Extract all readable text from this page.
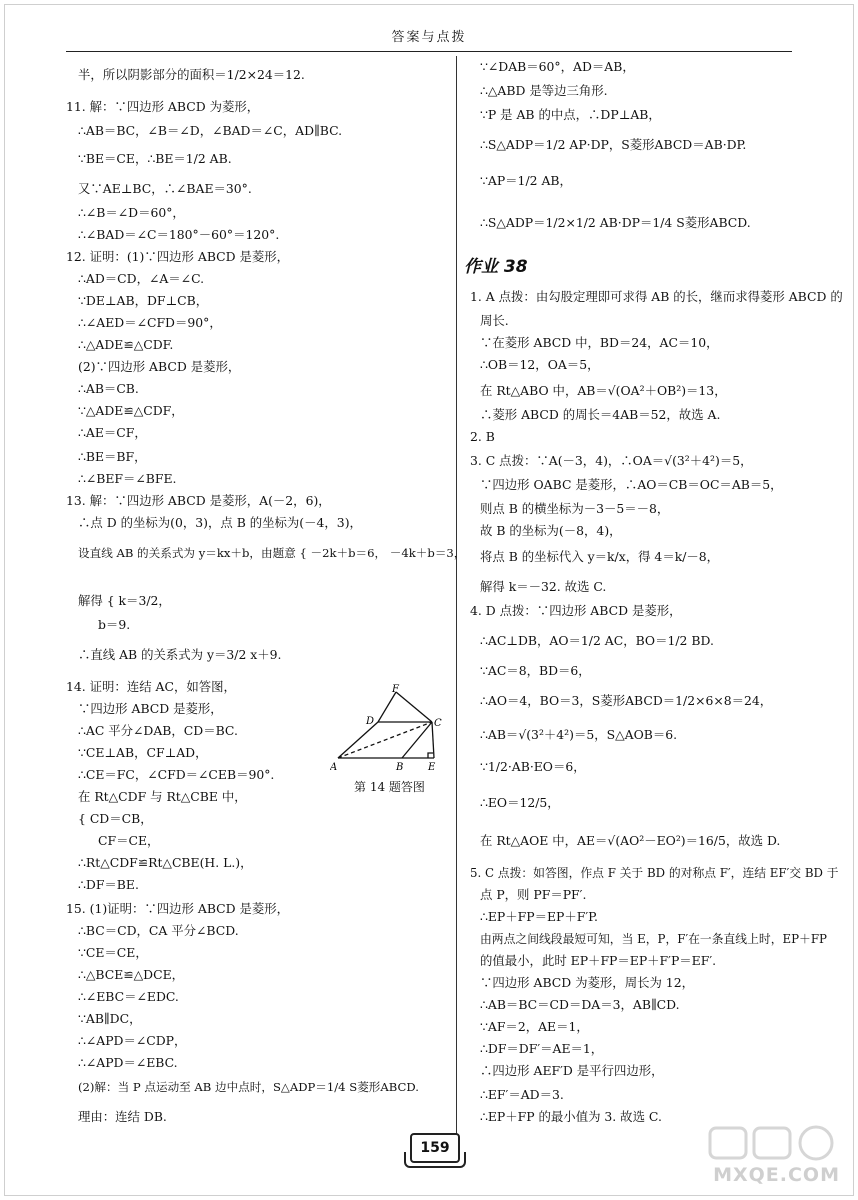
答案与点拨
半，所以阴影部分的面积＝1/2×24＝12.
11. 解：∵四边形 ABCD 为菱形，
∴AB＝BC，∠B＝∠D，∠BAD＝∠C，AD∥BC.
∵BE＝CE，∴BE＝1/2 AB.
又∵AE⊥BC，∴∠BAE＝30°.
∴∠B＝∠D＝60°，
∴∠BAD＝∠C＝180°－60°＝120°.
12. 证明：(1)∵四边形 ABCD 是菱形，
∴AD＝CD，∠A＝∠C.
∵DE⊥AB，DF⊥CB，
∴∠AED＝∠CFD＝90°，
∴△ADE≌△CDF.
(2)∵四边形 ABCD 是菱形，
∴AB＝CB.
∵△ADE≌△CDF，
∴AE＝CF，
∴BE＝BF，
∴∠BEF＝∠BFE.
13. 解：∵四边形 ABCD 是菱形，A(－2，6)，
∴点 D 的坐标为(0，3)，点 B 的坐标为(－4，3)，
设直线 AB 的关系式为 y＝kx＋b，由题意 { －2k＋b＝6， －4k＋b＝3，
解得 { k＝3/2，
b＝9.
∴直线 AB 的关系式为 y＝3/2 x＋9.
14. 证明：连结 AC，如答图，
∵四边形 ABCD 是菱形，
∴AC 平分∠DAB，CD＝BC.
∵CE⊥AB，CF⊥AD，
∴CE＝FC，∠CFD＝∠CEB＝90°.
在 Rt△CDF 与 Rt△CBE 中，
{ CD＝CB，
CF＝CE，
∴Rt△CDF≌Rt△CBE(H. L.)，
∴DF＝BE.
15. (1)证明：∵四边形 ABCD 是菱形，
∴BC＝CD，CA 平分∠BCD.
∵CE＝CE，
∴△BCE≌△DCE，
∴∠EBC＝∠EDC.
∵AB∥DC，
∴∠APD＝∠CDP，
∴∠APD＝∠EBC.
(2)解：当 P 点运动至 AB 边中点时，S△ADP＝1/4 S菱形ABCD.
理由：连结 DB.
F
D	C
A	B E
第 14 题答图
∵∠DAB＝60°，AD＝AB，
∴△ABD 是等边三角形.
∵P 是 AB 的中点，∴DP⊥AB，
∴S△ADP＝1/2 AP·DP，S菱形ABCD＝AB·DP.
∵AP＝1/2 AB，
∴S△ADP＝1/2×1/2 AB·DP＝1/4 S菱形ABCD.
作业 38
1. A 点拨：由勾股定理即可求得 AB 的长，继而求得菱形 ABCD 的
周长.
∵在菱形 ABCD 中，BD＝24，AC＝10，
∴OB＝12，OA＝5，
在 Rt△ABO 中，AB＝√(OA²＋OB²)＝13，
∴菱形 ABCD 的周长＝4AB＝52，故选 A.
2. B
3. C 点拨：∵A(－3，4)，∴OA＝√(3²＋4²)＝5，
∵四边形 OABC 是菱形，∴AO＝CB＝OC＝AB＝5，
则点 B 的横坐标为－3－5＝－8，
故 B 的坐标为(－8，4)，
将点 B 的坐标代入 y＝k/x，得 4＝k/－8，
解得 k＝－32. 故选 C.
4. D 点拨：∵四边形 ABCD 是菱形，
∴AC⊥DB，AO＝1/2 AC，BO＝1/2 BD.
∵AC＝8，BD＝6，
∴AO＝4，BO＝3，S菱形ABCD＝1/2×6×8＝24，
∴AB＝√(3²＋4²)＝5，S△AOB＝6.
∵1/2·AB·EO＝6，
∴EO＝12/5，
在 Rt△AOE 中，AE＝√(AO²－EO²)＝16/5，故选 D.
5. C 点拨：如答图，作点 F 关于 BD 的对称点 F′，连结 EF′交 BD 于
点 P，则 PF＝PF′.
∴EP＋FP＝EP＋F′P.
由两点之间线段最短可知，当 E，P，F′在一条直线上时，EP＋FP
的值最小，此时 EP＋FP＝EP＋F′P＝EF′.
∵四边形 ABCD 为菱形，周长为 12，
∴AB＝BC＝CD＝DA＝3，AB∥CD.
∵AF＝2，AE＝1，
∴DF＝DF′＝AE＝1，
∴四边形 AEF′D 是平行四边形，
∴EF′＝AD＝3.
∴EP＋FP 的最小值为 3. 故选 C.
159
MXQE.COM
